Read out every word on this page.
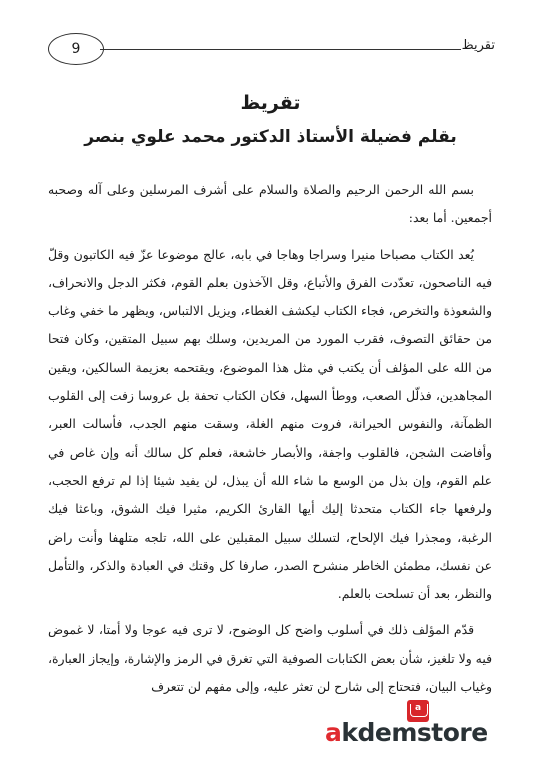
تقريظ
9
تقريظ
بقلم فضيلة الأستاذ الدكتور محمد علوي بنصر

بسم الله الرحمن الرحيم والصلاة والسلام على أشرف المرسلين وعلى آله وصحبه أجمعين. أما بعد:

يُعد الكتاب مصباحا منيرا وسراجا وهاجا في بابه، عالج موضوعا عزّ فيه الكاتبون وقلّ فيه الناصحون، تعدّدت الفرق والأتباع، وقل الآخذون بعلم القوم، فكثر الدجل والانحراف، والشعوذة والتخرص، فجاء الكتاب ليكشف الغطاء، ويزيل الالتباس، ويظهر ما خفي وغاب من حقائق التصوف، فقرب المورد من المريدين، وسلك بهم سبيل المتقين، وكان فتحا من الله على المؤلف أن يكتب في مثل هذا الموضوع، ويقتحمه بعزيمة السالكين، ويقين المجاهدين، فذلّل الصعب، ووطأ السهل، فكان الكتاب تحفة بل عروسا زفت إلى القلوب الظمآنة، والنفوس الحيرانة، فروت منهم الغلة، وسقت منهم الجدب، فأسالت العبر، وأفاضت الشجن، فالقلوب واجفة، والأبصار خاشعة، فعلم كل سالك أنه وإن غاص في علم القوم، وإن بذل من الوسع ما شاء الله أن يبذل، لن يفيد شيئا إذا لم ترفع الحجب، ولرفعها جاء الكتاب متحدثا إليك أيها القارئ الكريم، مثيرا فيك الشوق، وباعثا فيك الرغبة، ومجذرا فيك الإلحاح، لتسلك سبيل المقبلين على الله، تلجه متلهفا وأنت راض عن نفسك، مطمئن الخاطر منشرح الصدر، صارفا كل وقتك في العبادة والذكر، والتأمل والنظر، بعد أن تسلحت بالعلم.

قدّم المؤلف ذلك في أسلوب واضح كل الوضوح، لا ترى فيه عوجا ولا أمتا، لا غموض فيه ولا تلغيز، شأن بعض الكتابات الصوفية التي تغرق في الرمز والإشارة، وإيجاز العبارة، وغياب البيان، فتحتاج إلى شارح لن تعثر عليه، وإلى مفهم لن تتعرف

a
akdemstore
